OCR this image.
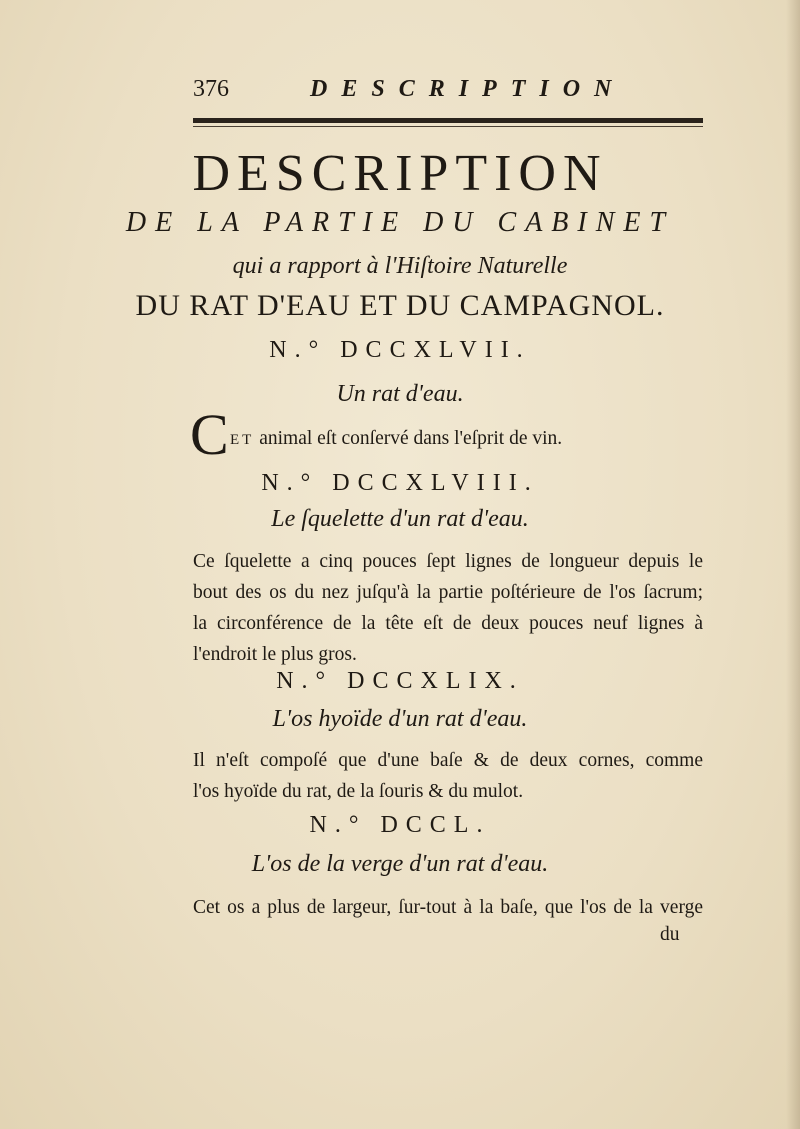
376	DESCRIPTION
DESCRIPTION
DE LA PARTIE DU CABINET
qui a rapport à l'Hiſtoire Naturelle
DU RAT D'EAU ET DU CAMPAGNOL.
N.° DCCXLVII.
Un rat d'eau.
C ET animal eſt conſervé dans l'eſprit de vin.
N.° DCCXLVIII.
Le ſquelette d'un rat d'eau.
Ce ſquelette a cinq pouces ſept lignes de longueur depuis le
bout des os du nez juſqu'à la partie poſtérieure de l'os ſacrum;
la circonférence de la tête eſt de deux pouces neuf lignes à
l'endroit le plus gros.
N.° DCCXLIX.
L'os hyoïde d'un rat d'eau.
Il n'eſt compoſé que d'une baſe & de deux cornes, comme
l'os hyoïde du rat, de la ſouris & du mulot.
N.° DCCL.
L'os de la verge d'un rat d'eau.
Cet os a plus de largeur, ſur-tout à la baſe, que l'os de la verge
du
